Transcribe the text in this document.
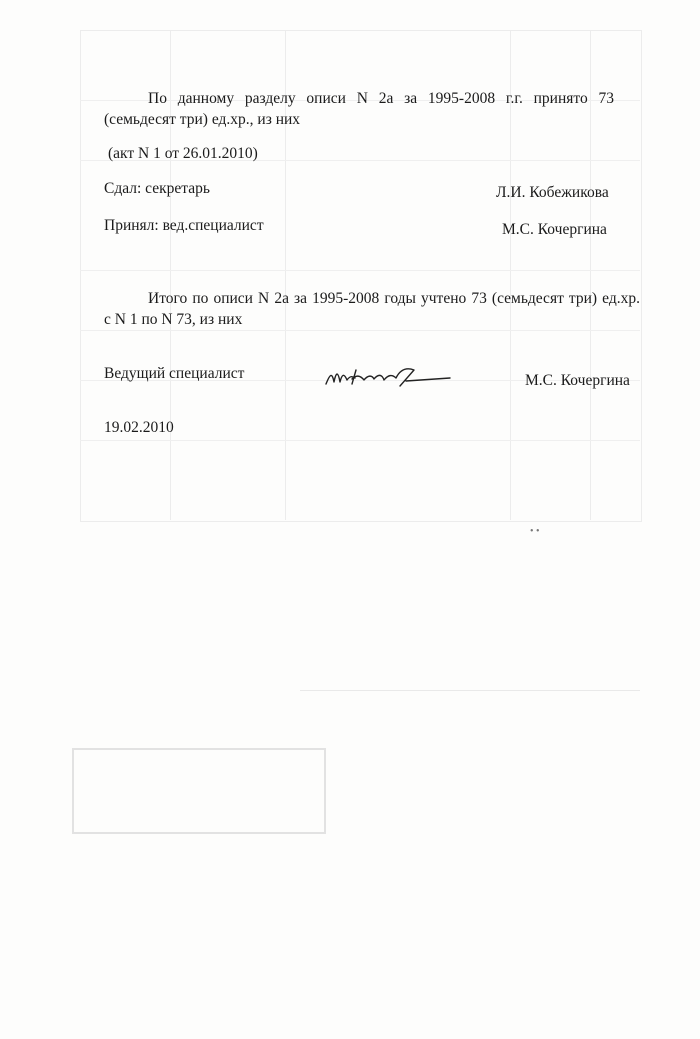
По данному разделу описи N 2а за 1995-2008 г.г. принято 73
(семьдесят три) ед.хр., из них
(акт N 1 от 26.01.2010)
Сдал: секретарь	Л.И. Кобежикова
Принял: вед.специалист	М.С. Кочергина
Итого по описи N 2а за 1995-2008 годы учтено 73 (семьдесят три) ед.хр.
с N 1 по N 73, из них
Ведущий специалист	М.С. Кочергина
19.02.2010
• •
